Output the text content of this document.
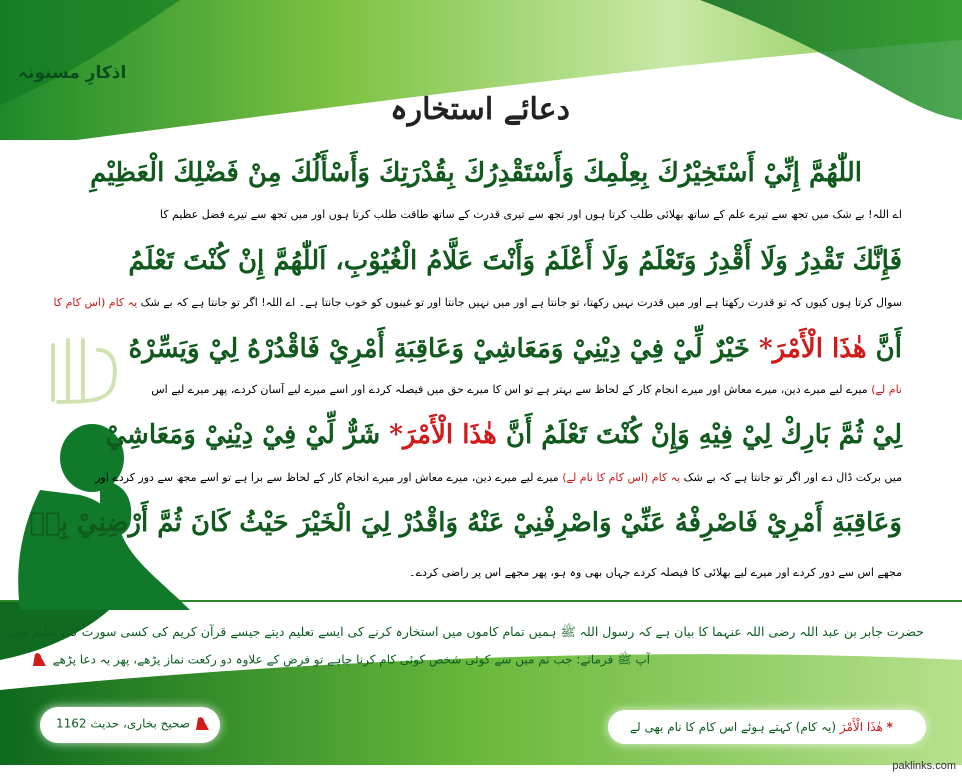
اذکارِ مسنونہ
دعائے استخارہ
اللّٰهُمَّ إِنِّيْ أَسْتَخِيْرُكَ بِعِلْمِكَ وَأَسْتَقْدِرُكَ بِقُدْرَتِكَ وَأَسْأَلُكَ مِنْ فَضْلِكَ الْعَظِيْمِ
اے اللہ! بے شک میں تجھ سے تیرے علم کے ساتھ بھلائی طلب کرتا ہوں اور تجھ سے تیری قدرت کے ساتھ طاقت طلب کرتا ہوں اور میں تجھ سے تیرے فضل عظیم کا
فَإِنَّكَ تَقْدِرُ وَلَا أَقْدِرُ وَتَعْلَمُ وَلَا أَعْلَمُ وَأَنْتَ عَلَّامُ الْغُيُوْبِ، اَللّٰهُمَّ إِنْ كُنْتَ تَعْلَمُ
سوال کرتا ہوں کیوں کہ تو قدرت رکھتا ہے اور میں قدرت نہیں رکھتا، تو جانتا ہے اور میں نہیں جانتا اور تو غیبوں کو خوب جانتا ہے۔ اے اللہ! اگر تو جانتا ہے کہ بے شک یہ کام (اس کام کا
أَنَّ هٰذَا الْأَمْرَ* خَيْرٌ لِّيْ فِيْ دِيْنِيْ وَمَعَاشِيْ وَعَاقِبَةِ أَمْرِيْ فَاقْدُرْهُ لِيْ وَيَسِّرْهُ
نام لے) میرے لیے میرے دین، میرے معاش اور میرے انجام کار کے لحاظ سے بہتر ہے تو اس کا میرے حق میں فیصلہ کردے اور اسے میرے لیے آسان کردے، پھر میرے لیے اس
لِيْ ثُمَّ بَارِكْ لِيْ فِيْهِ وَإِنْ كُنْتَ تَعْلَمُ أَنَّ هٰذَا الْأَمْرَ* شَرٌّ لِّيْ فِيْ دِيْنِيْ وَمَعَاشِيْ
میں برکت ڈال دے اور اگر تو جانتا ہے کہ بے شک یہ کام (اس کام کا نام لے) میرے لیے میرے دین، میرے معاش اور میرے انجام کار کے لحاظ سے برا ہے تو اسے مجھ سے دور کردے اور
وَعَاقِبَةِ أَمْرِيْ فَاصْرِفْهُ عَنِّيْ وَاصْرِفْنِيْ عَنْهُ وَاقْدُرْ لِيَ الْخَيْرَ حَيْثُ كَانَ ثُمَّ أَرْضِنِيْ بِهٖ
مجھے اس سے دور کردے اور میرے لیے بھلائی کا فیصلہ کردے جہاں بھی وہ ہو، پھر مجھے اس پر راضی کردے۔
حضرت جابر بن عبد اللہ رضی اللہ عنہما کا بیان ہے کہ رسول اللہ ﷺ ہمیں تمام کاموں میں استخارہ کرنے کی ایسے تعلیم دیتے جیسے قرآن کریم کی کسی سورت کی تعلیم دیتے۔
آپ ﷺ فرماتے: جب تم میں سے کوئی شخص کوئی کام کرنا چاہے تو فرض کے علاوہ دو رکعت نماز پڑھے، پھر یہ دعا پڑھے
صحیح بخاری، حدیث 1162	* هٰذَا الْأَمْرَ (یہ کام) کہتے ہوئے اس کام کا نام بھی لے
paklinks.com
